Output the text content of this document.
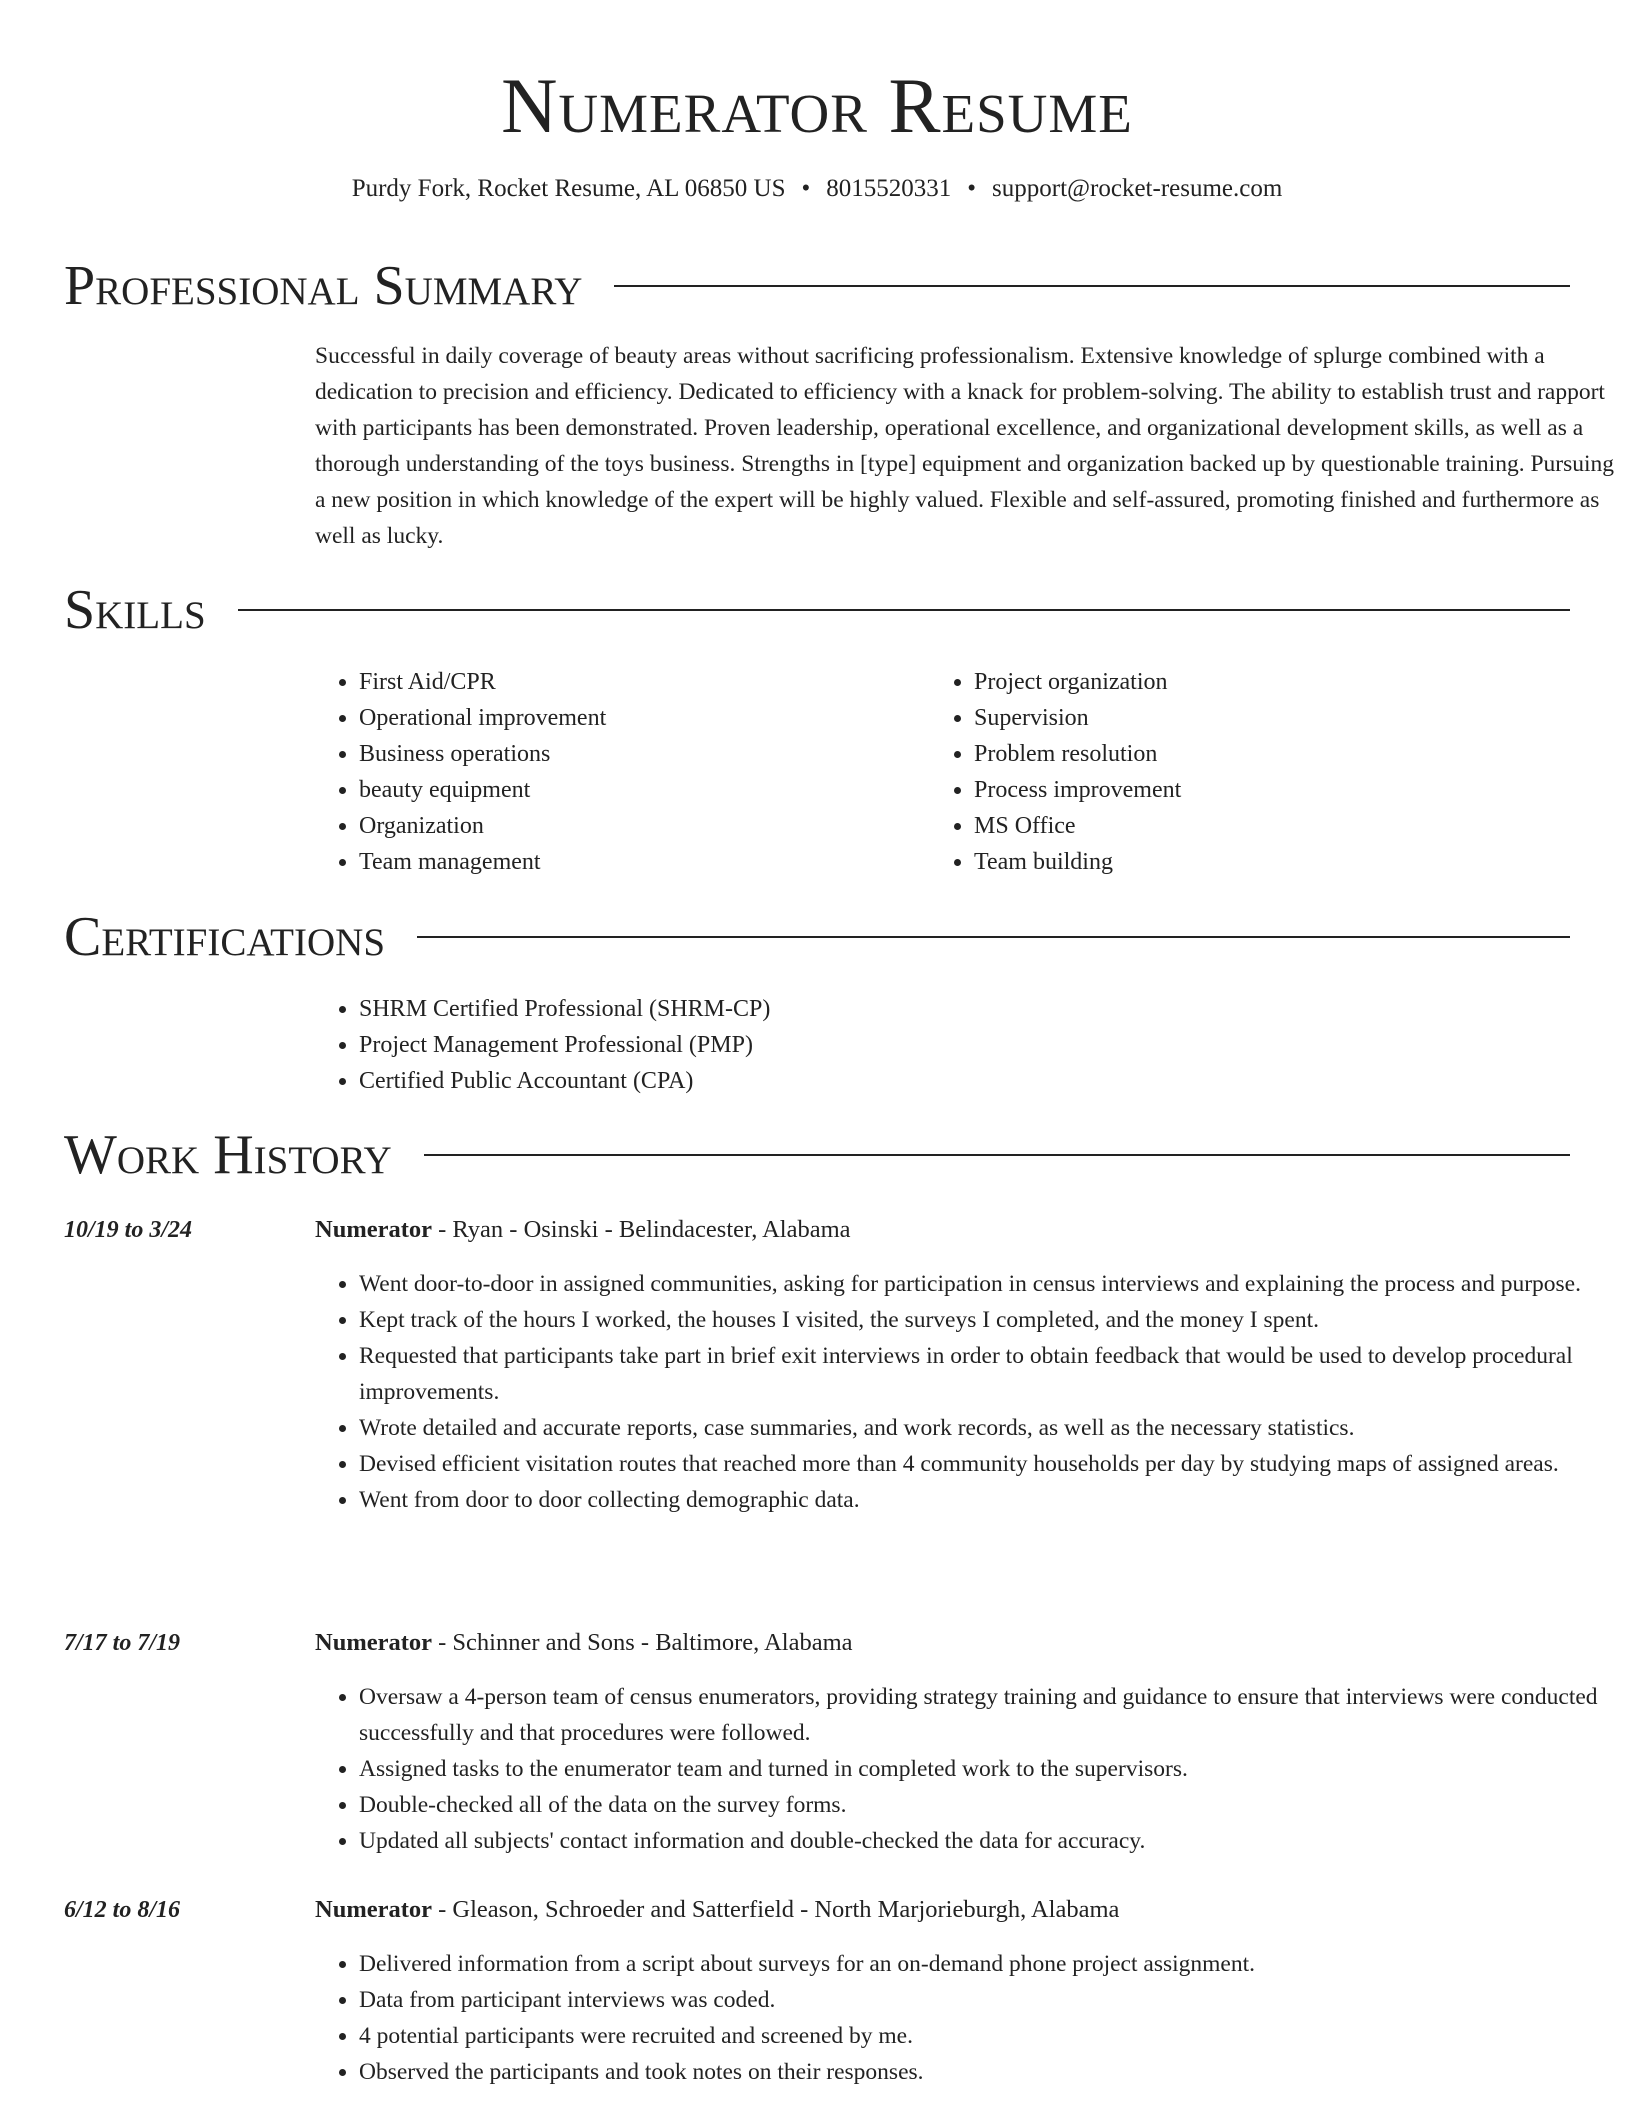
Numerator Resume
Purdy Fork, Rocket Resume, AL 06850 US • 8015520331 • support@rocket-resume.com
Professional Summary

Successful in daily coverage of beauty areas without sacrificing professionalism. Extensive knowledge of splurge combined with a dedication to precision and efficiency. Dedicated to efficiency with a knack for problem-solving. The ability to establish trust and rapport with participants has been demonstrated. Proven leadership, operational excellence, and organizational development skills, as well as a thorough understanding of the toys business. Strengths in [type] equipment and organization backed up by questionable training. Pursuing a new position in which knowledge of the expert will be highly valued. Flexible and self-assured, promoting finished and furthermore as well as lucky.

Skills
• First Aid/CPR
• Operational improvement
• Business operations
• beauty equipment
• Organization
• Team management
• Project organization
• Supervision
• Problem resolution
• Process improvement
• MS Office
• Team building
Certifications
• SHRM Certified Professional (SHRM-CP)
• Project Management Professional (PMP)
• Certified Public Accountant (CPA)
Work History
10/19 to 3/24	Numerator - Ryan - Osinski - Belindacester, Alabama
• Went door-to-door in assigned communities, asking for participation in census interviews and explaining the process and purpose.
• Kept track of the hours I worked, the houses I visited, the surveys I completed, and the money I spent.
• Requested that participants take part in brief exit interviews in order to obtain feedback that would be used to develop procedural improvements.
• Wrote detailed and accurate reports, case summaries, and work records, as well as the necessary statistics.
• Devised efficient visitation routes that reached more than 4 community households per day by studying maps of assigned areas.
• Went from door to door collecting demographic data.
7/17 to 7/19	Numerator - Schinner and Sons - Baltimore, Alabama
• Oversaw a 4-person team of census enumerators, providing strategy training and guidance to ensure that interviews were conducted successfully and that procedures were followed.
• Assigned tasks to the enumerator team and turned in completed work to the supervisors.
• Double-checked all of the data on the survey forms.
• Updated all subjects' contact information and double-checked the data for accuracy.
6/12 to 8/16	Numerator - Gleason, Schroeder and Satterfield - North Marjorieburgh, Alabama
• Delivered information from a script about surveys for an on-demand phone project assignment.
• Data from participant interviews was coded.
• 4 potential participants were recruited and screened by me.
• Observed the participants and took notes on their responses.
